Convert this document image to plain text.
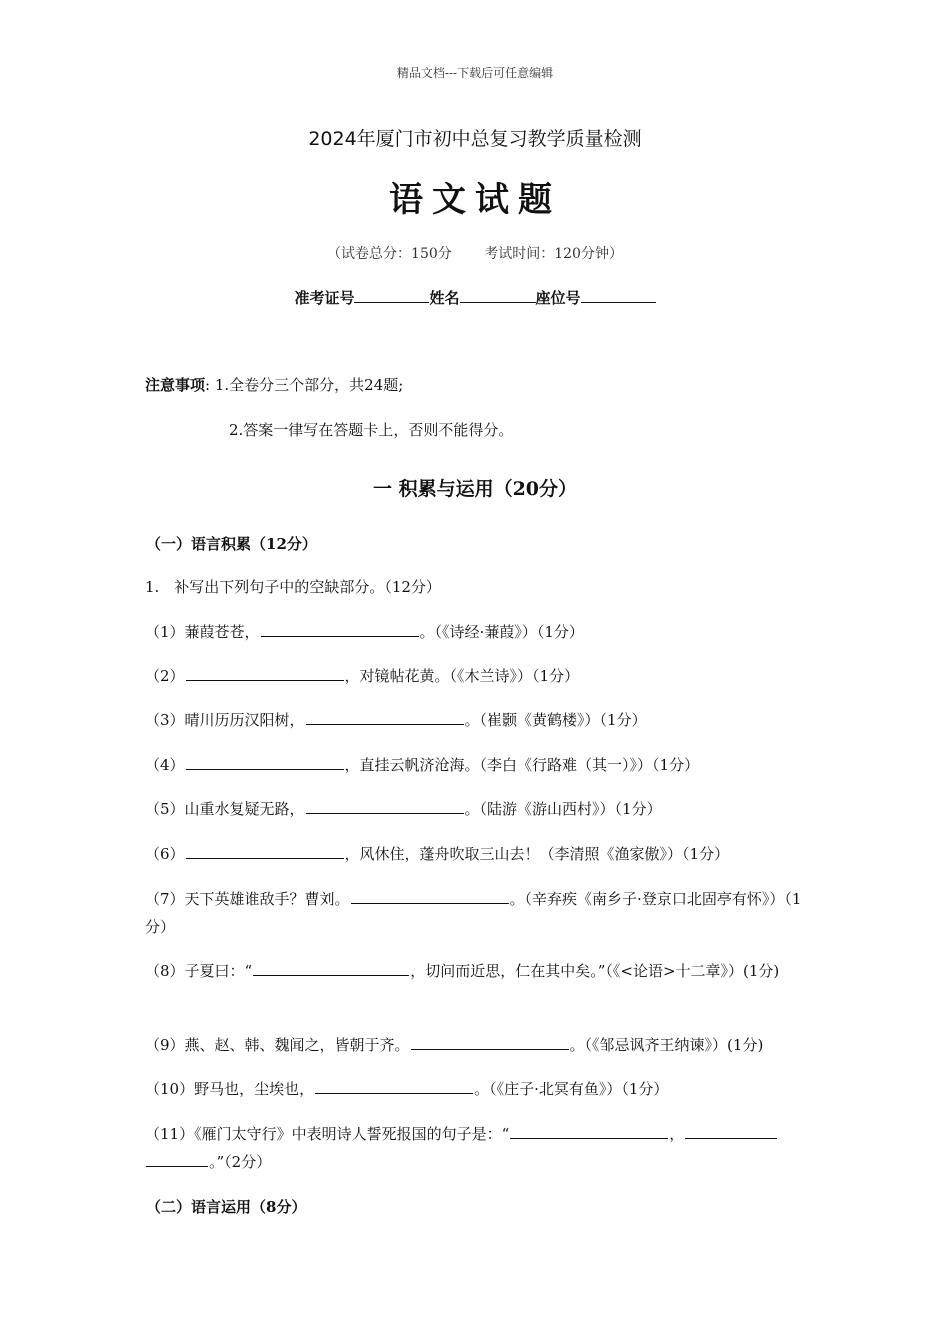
精品文档---下载后可任意编辑
2024年厦门市初中总复习教学质量检测
语文试题
（试卷总分：150分 考试时间：120分钟）
准考证号	姓名	座位号
注意事项: 1.全卷分三个部分，共24题;
2.答案一律写在答题卡上，否则不能得分。
一 积累与运用（20分）
（一）语言积累（12分）
1.　补写出下列句子中的空缺部分。（12分）
（1）蒹葭苍苍，	。（《诗经·蒹葭》）（1分）
（2）	，对镜帖花黄。（《木兰诗》）（1分）
（3）晴川历历汉阳树，	。（崔颢《黄鹤楼》）（1分）
（4）	，直挂云帆济沧海。（李白《行路难（其一）》）（1分）
（5）山重水复疑无路，	。（陆游《游山西村》）（1分）
（6）	，风休住，蓬舟吹取三山去！（李清照《渔家傲》）（1分）
（7）天下英雄谁敌手？曹刘。	。（辛弃疾《南乡子·登京口北固亭有怀》）（1分）
（8）子夏曰：“	，切问而近思，仁在其中矣。”（《<论语>十二章》）(1分)
（9）燕、赵、韩、魏闻之，皆朝于齐。	。（《邹忌讽齐王纳谏》）(1分)
（10）野马也，尘埃也，	。（《庄子·北冥有鱼》）（1分）
（11）《雁门太守行》中表明诗人誓死报国的句子是：“	，。”（2分）
（二）语言运用（8分）
